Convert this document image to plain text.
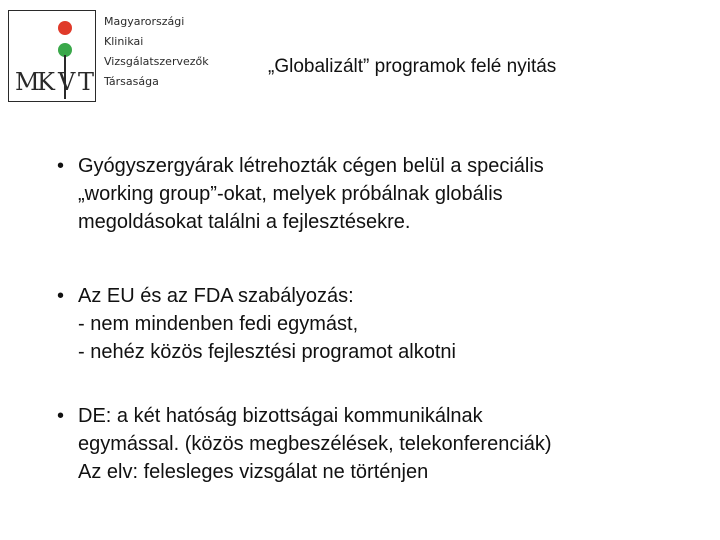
M
K V T
Magyarországi
Klinikai
Vizsgálatszervezők
Társasága
„Globalizált” programok felé nyitás
• Gyógyszergyárak létrehozták cégen belül a speciális
„working group”-okat, melyek próbálnak globális
megoldásokat találni a fejlesztésekre.
• Az EU és az FDA szabályozás:
- nem mindenben fedi egymást,
- nehéz közös fejlesztési programot alkotni
• DE: a két hatóság bizottságai kommunikálnak
egymással. (közös megbeszélések, telekonferenciák)
Az elv: felesleges vizsgálat ne történjen
